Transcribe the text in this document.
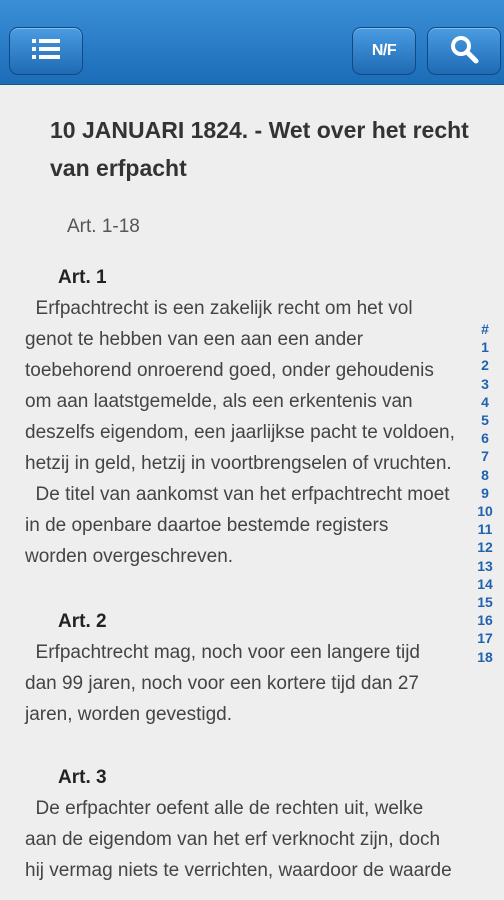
N/F
10 JANUARI 1824. - Wet over het recht van erfpacht
Art. 1-18
Art. 1

Erfpachtrecht is een zakelijk recht om het vol

genot te hebben van een aan een ander

toebehorend onroerend goed, onder gehoudenis

om aan laatstgemelde, als een erkentenis van

deszelfs eigendom, een jaarlijkse pacht te voldoen,

hetzij in geld, hetzij in voortbrengselen of vruchten.

De titel van aankomst van het erfpachtrecht moet

in de openbare daartoe bestemde registers

worden overgeschreven.

Art. 2

Erfpachtrecht mag, noch voor een langere tijd

dan 99 jaren, noch voor een kortere tijd dan 27

jaren, worden gevestigd.

Art. 3

De erfpachter oefent alle de rechten uit, welke

aan de eigendom van het erf verknocht zijn, doch

hij vermag niets te verrichten, waardoor de waarde

#
1
2
3
4
5
6
7
8
9
10
11
12
13
14
15
16
17
18
